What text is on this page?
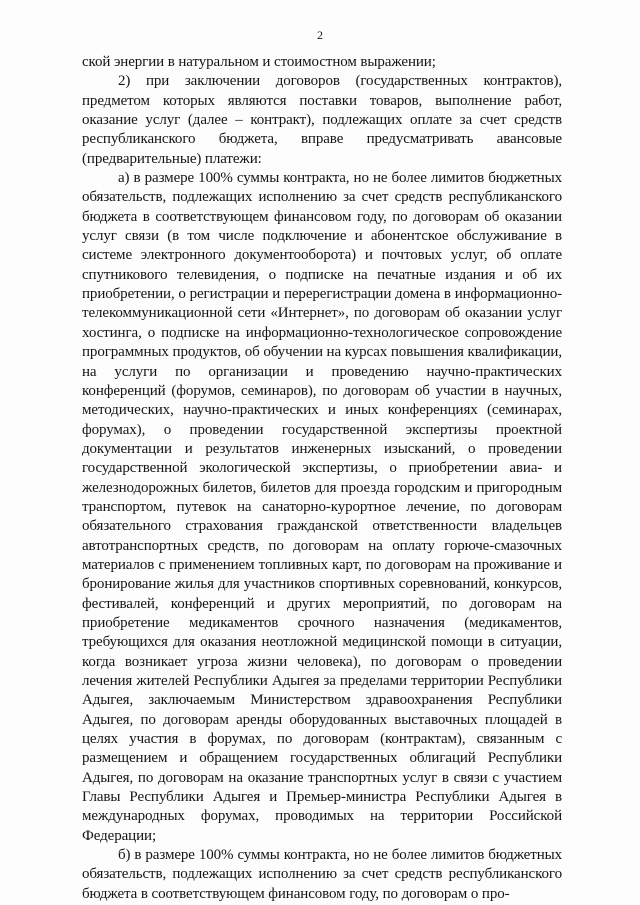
2

ской энергии в натуральном и стоимостном выражении;

2) при заключении договоров (государственных контрактов), предметом которых являются поставки товаров, выполнение работ, оказание услуг (далее – контракт), подлежащих оплате за счет средств республиканского бюджета, вправе предусматривать авансовые (предварительные) платежи:

а) в размере 100% суммы контракта, но не более лимитов бюджетных обязательств, подлежащих исполнению за счет средств республиканского бюджета в соответствующем финансовом году, по договорам об оказании услуг связи (в том числе подключение и абонентское обслуживание в системе электронного документооборота) и почтовых услуг, об оплате спутникового телевидения, о подписке на печатные издания и об их приобретении, о регистрации и перерегистрации домена в информационно-телекоммуникационной сети «Интернет», по договорам об оказании услуг хостинга, о подписке на информационно-технологическое сопровождение программных продуктов, об обучении на курсах повышения квалификации, на услуги по организации и проведению научно-практических конференций (форумов, семинаров), по договорам об участии в научных, методических, научно-практических и иных конференциях (семинарах, форумах), о проведении государственной экспертизы проектной документации и результатов инженерных изысканий, о проведении государственной экологической экспертизы, о приобретении авиа- и железнодорожных билетов, билетов для проезда городским и пригородным транспортом, путевок на санаторно-курортное лечение, по договорам обязательного страхования гражданской ответственности владельцев автотранспортных средств, по договорам на оплату горюче-смазочных материалов с применением топливных карт, по договорам на проживание и бронирование жилья для участников спортивных соревнований, конкурсов, фестивалей, конференций и других мероприятий, по договорам на приобретение медикаментов срочного назначения (медикаментов, требующихся для оказания неотложной медицинской помощи в ситуации, когда возникает угроза жизни человека), по договорам о проведении лечения жителей Республики Адыгея за пределами территории Республики Адыгея, заключаемым Министерством здравоохранения Республики Адыгея, по договорам аренды оборудованных выставочных площадей в целях участия в форумах, по договорам (контрактам), связанным с размещением и обращением государственных облигаций Республики Адыгея, по договорам на оказание транспортных услуг в связи с участием Главы Республики Адыгея и Премьер-министра Республики Адыгея в международных форумах, проводимых на территории Российской Федерации;

б) в размере 100% суммы контракта, но не более лимитов бюджетных обязательств, подлежащих исполнению за счет средств республиканского бюджета в соответствующем финансовом году, по договорам о про-
